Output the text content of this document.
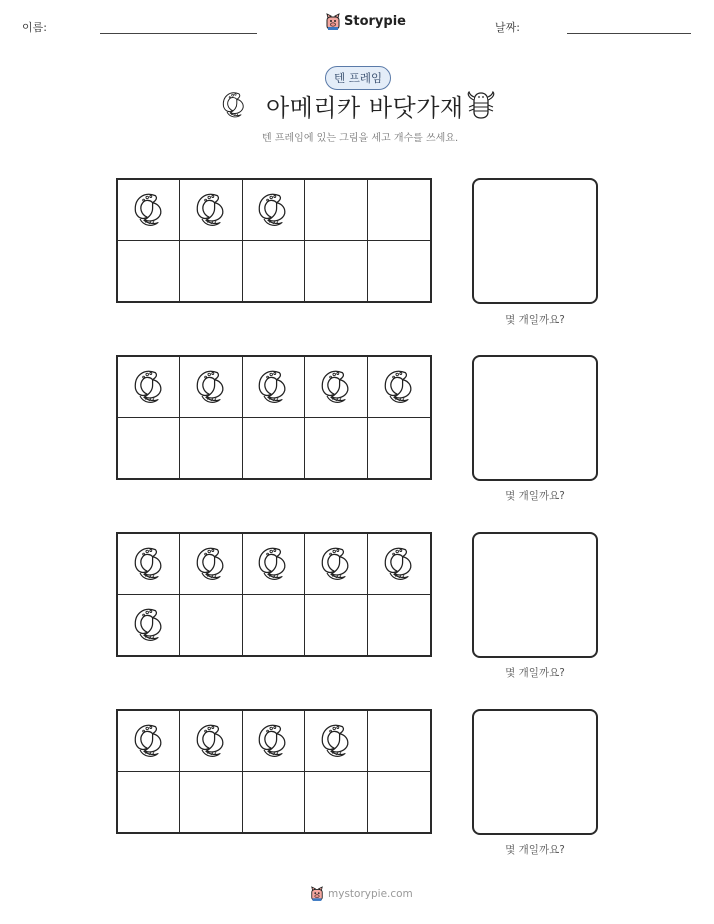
이름:	Storypie	날짜:
텐 프레임
아메리카 바닷가재
텐 프레임에 있는 그림을 세고 개수를 쓰세요.
몇 개일까요?
몇 개일까요?
몇 개일까요?
몇 개일까요?
mystorypie.com
